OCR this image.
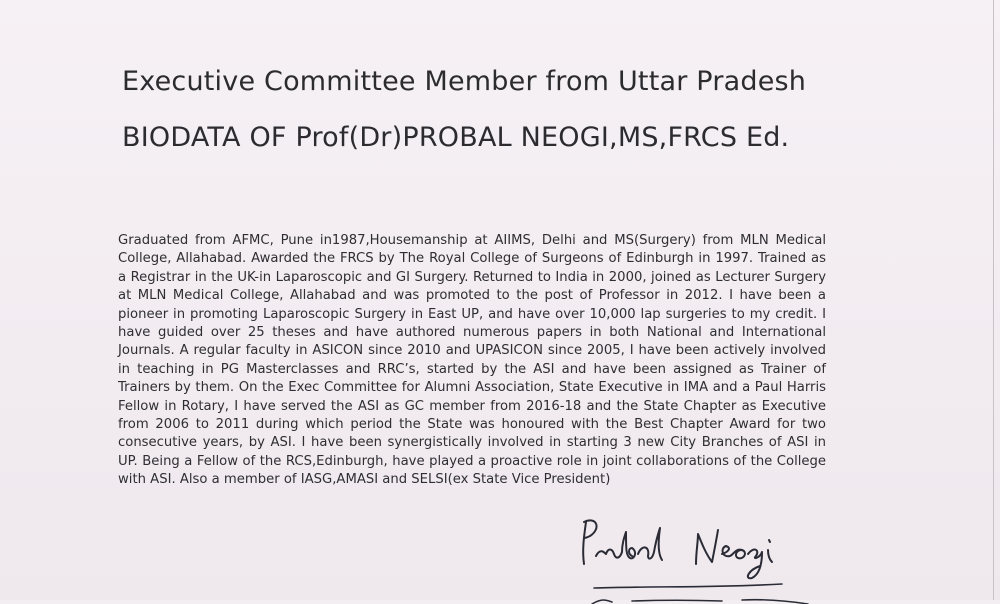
Executive Committee Member from Uttar Pradesh
BIODATA OF Prof(Dr)PROBAL NEOGI,MS,FRCS Ed.

Graduated from AFMC, Pune in1987,Housemanship at AIIMS, Delhi and MS(Surgery) from MLN Medical College, Allahabad. Awarded the FRCS by The Royal College of Surgeons of Edinburgh in 1997. Trained as a Registrar in the UK-in Laparoscopic and GI Surgery. Returned to India in 2000, joined as Lecturer Surgery at MLN Medical College, Allahabad and was promoted to the post of Professor in 2012. I have been a pioneer in promoting Laparoscopic Surgery in East UP, and have over 10,000 lap surgeries to my credit. I have guided over 25 theses and have authored numerous papers in both National and International Journals. A regular faculty in ASICON since 2010 and UPASICON since 2005, I have been actively involved in teaching in PG Masterclasses and RRC’s, started by the ASI and have been assigned as Trainer of Trainers by them. On the Exec Committee for Alumni Association, State Executive in IMA and a Paul Harris Fellow in Rotary, I have served the ASI as GC member from 2016-18 and the State Chapter as Executive from 2006 to 2011 during which period the State was honoured with the Best Chapter Award for two consecutive years, by ASI. I have been synergistically involved in starting 3 new City Branches of ASI in UP. Being a Fellow of the RCS,Edinburgh, have played a proactive role in joint collaborations of the College with ASI. Also a member of IASG,AMASI and SELSI(ex State Vice President)
